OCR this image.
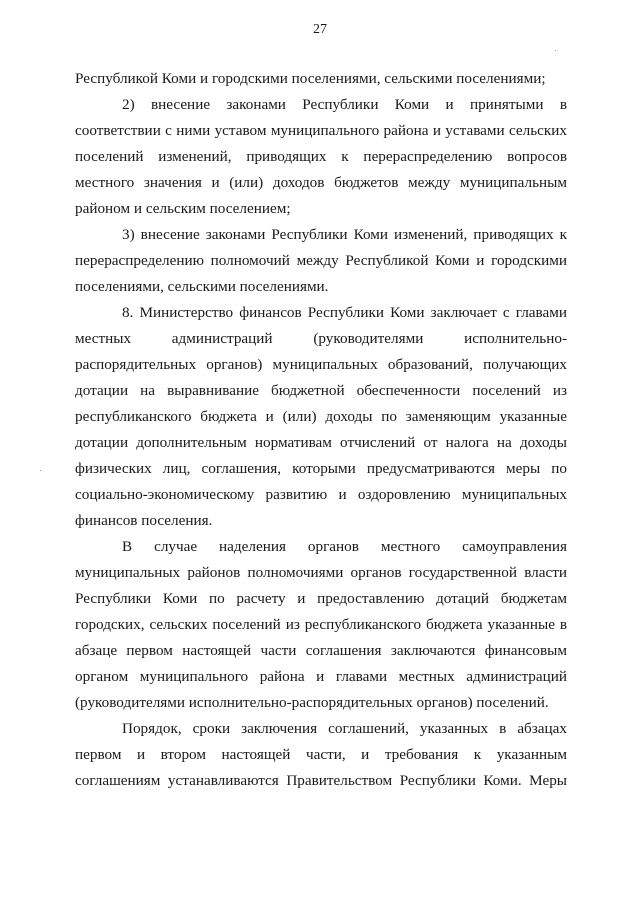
27
Республикой Коми и городскими поселениями, сельскими поселениями;
2) внесение законами Республики Коми и принятыми в
соответствии с ними уставом муниципального района и уставами сельских
поселений изменений, приводящих к перераспределению вопросов
местного значения и (или) доходов бюджетов между муниципальным
районом и сельским поселением;
3) внесение законами Республики Коми изменений, приводящих к
перераспределению полномочий между Республикой Коми и городскими
поселениями, сельскими поселениями.
8. Министерство финансов Республики Коми заключает с главами
местных администраций (руководителями исполнительно-
распорядительных органов) муниципальных образований, получающих
дотации на выравнивание бюджетной обеспеченности поселений из
республиканского бюджета и (или) доходы по заменяющим указанные
дотации дополнительным нормативам отчислений от налога на доходы
физических лиц, соглашения, которыми предусматриваются меры по
социально-экономическому развитию и оздоровлению муниципальных
финансов поселения.
В случае наделения органов местного самоуправления
муниципальных районов полномочиями органов государственной власти
Республики Коми по расчету и предоставлению дотаций бюджетам
городских, сельских поселений из республиканского бюджета указанные в
абзаце первом настоящей части соглашения заключаются финансовым
органом муниципального района и главами местных администраций
(руководителями исполнительно-распорядительных органов) поселений.
Порядок, сроки заключения соглашений, указанных в абзацах
первом и втором настоящей части, и требования к указанным
соглашениям устанавливаются Правительством Республики Коми. Меры
